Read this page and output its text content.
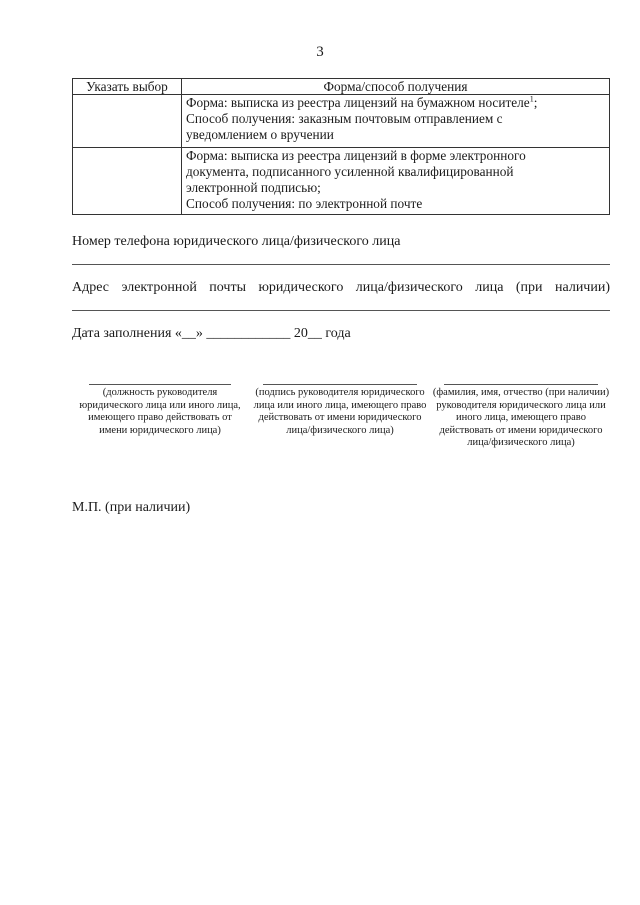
3
Указать выбор	Форма/способ получения

	Форма: выписка из реестра лицензий на бумажном носителе$^1$;
Способ получения: заказным почтовым отправлением с
уведомлением о вручении

	Форма: выписка из реестра лицензий в форме электронного
документа, подписанного усиленной квалифицированной
электронной подписью;
Способ получения: по электронной почте
Номер телефона юридического лица/физического лица
Адрес электронной почты юридического лица/физического лица (при наличии)
Дата заполнения «__» ____________ 20__ года
(должность руководителя юридического лица или иного лица, имеющего право действовать от имени юридического лица)
(подпись руководителя юридического лица или иного лица, имеющего право действовать от имени юридического лица/физического лица)
(фамилия, имя, отчество (при наличии) руководителя юридического лица или иного лица, имеющего право действовать от имени юридического лица/физического лица)
М.П. (при наличии)
